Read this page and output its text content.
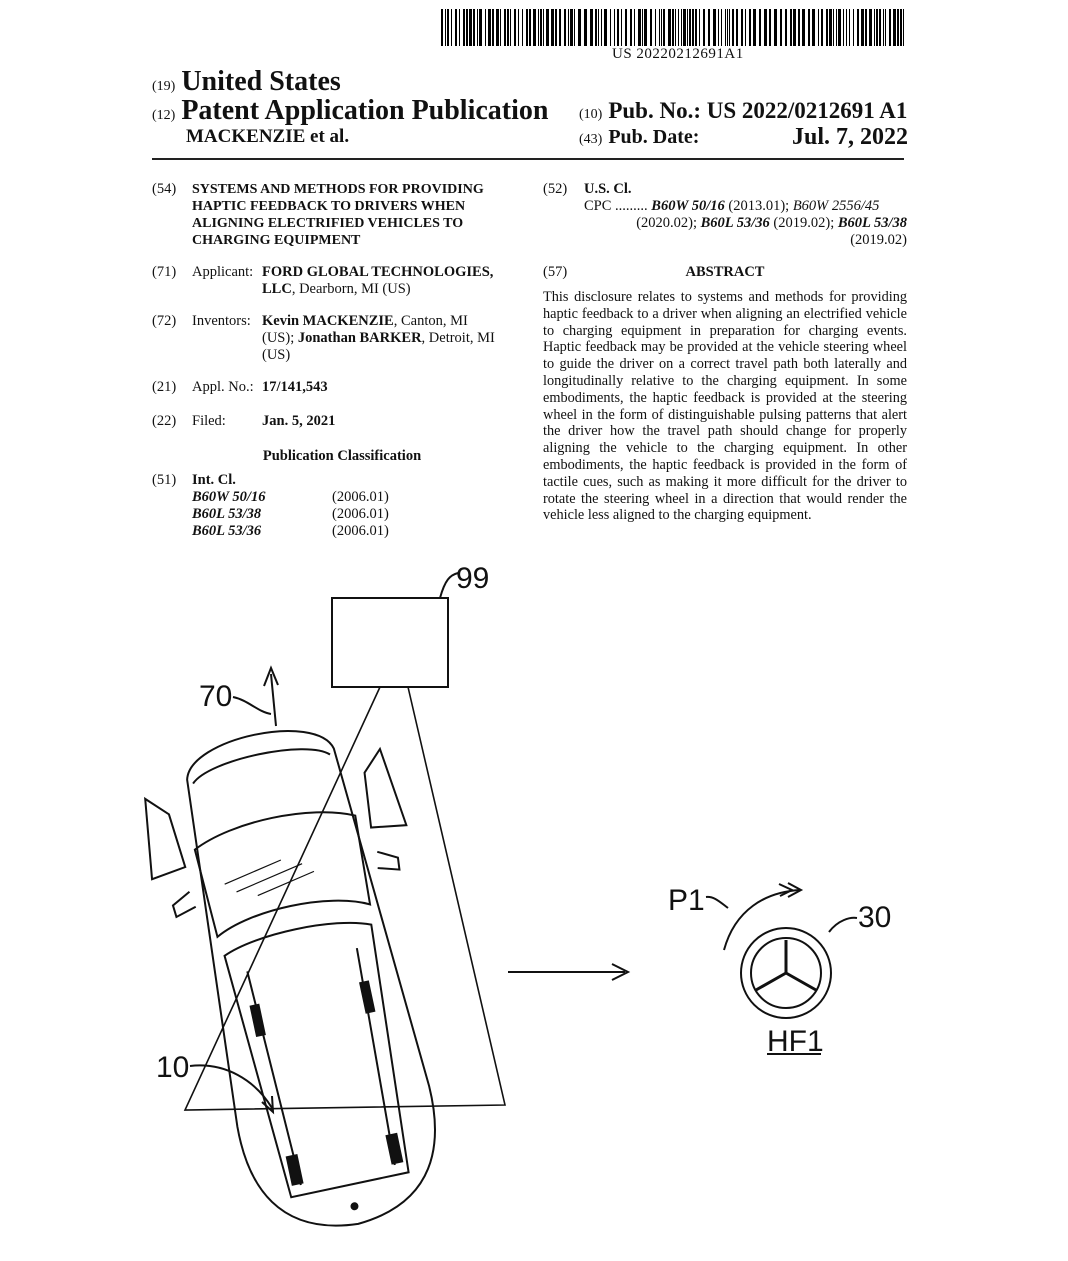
US 20220212691A1
(19) United States
(12) Patent Application Publication
MACKENZIE et al.
(10) Pub. No.: US 2022/0212691 A1
(43) Pub. Date:	Jul. 7, 2022
(54) SYSTEMS AND METHODS FOR PROVIDING
HAPTIC FEEDBACK TO DRIVERS WHEN
ALIGNING ELECTRIFIED VEHICLES TO
CHARGING EQUIPMENT
(71) Applicant: FORD GLOBAL TECHNOLOGIES,
LLC, Dearborn, MI (US)
(72) Inventors: Kevin MACKENZIE, Canton, MI
(US); Jonathan BARKER, Detroit, MI
(US)
(21) Appl. No.: 17/141,543
(22) Filed: Jan. 5, 2021
Publication Classification
(51) Int. Cl.
B60W 50/16	(2006.01)
B60L 53/38	(2006.01)
B60L 53/36	(2006.01)
(52) U.S. Cl.
CPC ......... B60W 50/16 (2013.01); B60W 2556/45
(2020.02); B60L 53/36 (2019.02); B60L 53/38
(2019.02)
(57)	ABSTRACT
This disclosure relates to systems and methods for providing haptic feedback to a driver when aligning an electrified vehicle to charging equipment in preparation for charging events. Haptic feedback may be provided at the vehicle steering wheel to guide the driver on a correct travel path both laterally and longitudinally relative to the charging equipment. In some embodiments, the haptic feedback is provided at the steering wheel in the form of distinguishable pulsing patterns that alert the driver how the travel path should change for properly aligning the vehicle to the charging equipment. In other embodiments, the haptic feedback is provided in the form of tactile cues, such as making it more difficult for the driver to rotate the steering wheel in a direction that would render the vehicle less aligned to the charging equipment.
99
70
10
P1
30
HF1
